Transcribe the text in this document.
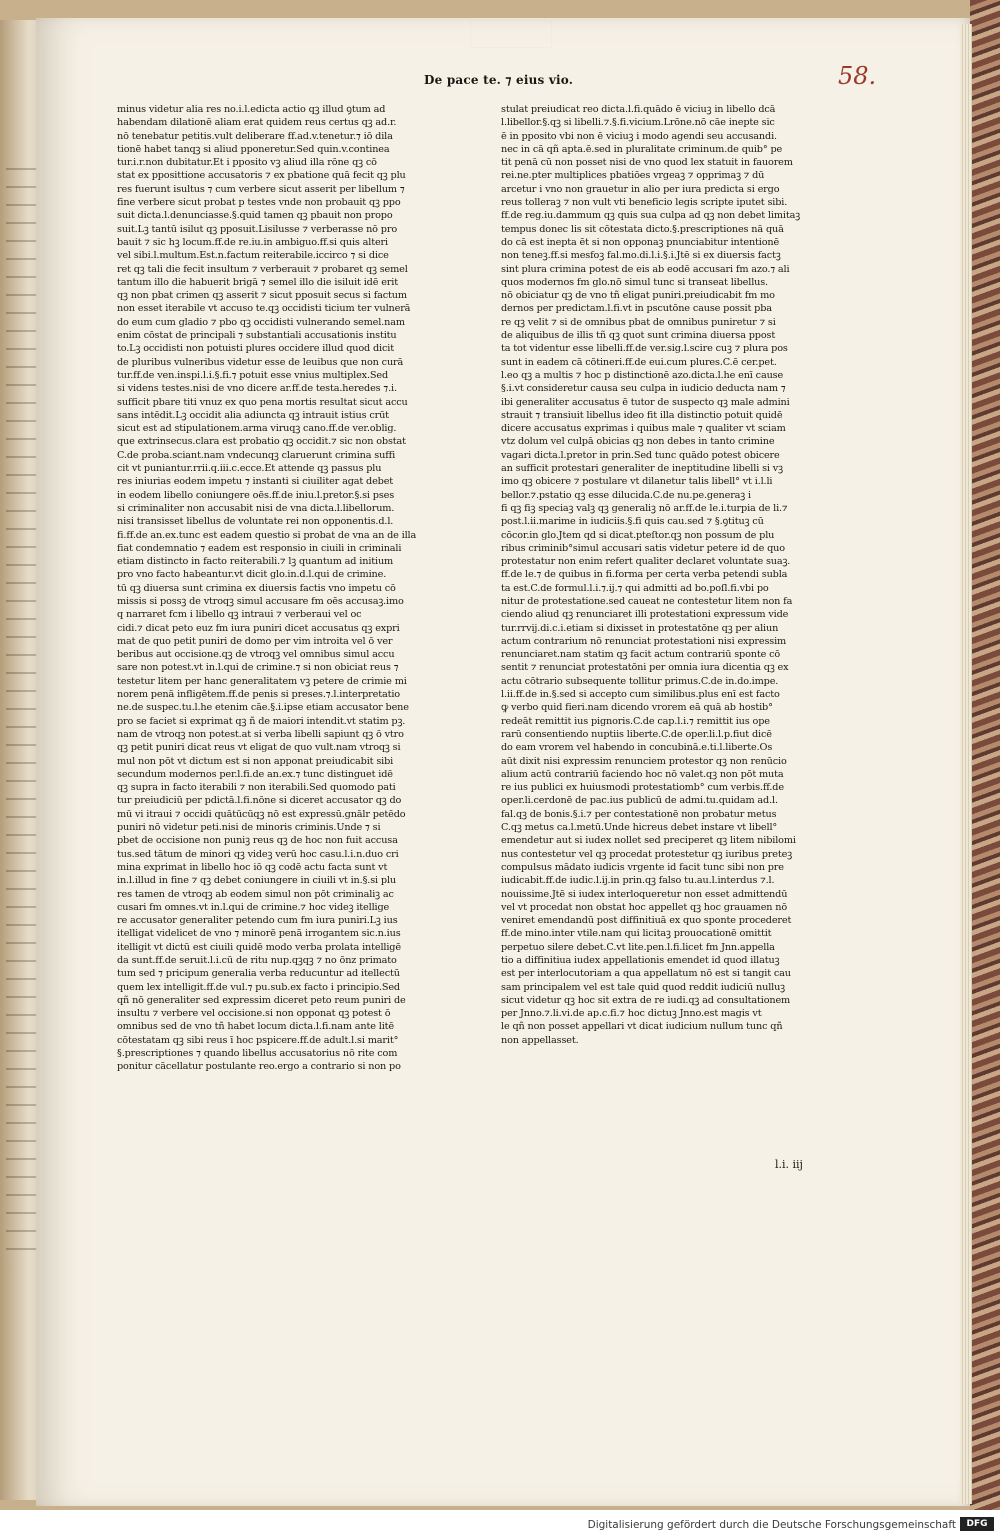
De pace te. ⁊ eius vio.	58.
minus videtur alia res no.i.l.edicta actio qꝫ illud ꝯtum ad
habendam dilationē aliam erat quidem reus certus qꝫ ad.r.
nō tenebatur petitis.vult deliberare ff.ad.v.tenetur.⁊ iō dila
tionē habet tanqꝫ si aliud pponeretur.Sed quin.v.continea
tur.i.r.non dubitatur.Et i pposito vꝫ aliud illa rōne qꝫ cō
stat ex pposittione accusatoris ⁊ ex pbatione quā fecit qꝫ plu
res fuerunt isultus ⁊ cum verbere sicut asserit per libellum ⁊
fine verbere sicut probat p testes vnde non probauit qꝫ ppo
suit dicta.l.denunciasse.§.quid tamen qꝫ pbauit non propo
suit.Lꝫ tantū isilut qꝫ pposuit.Lisilusse ⁊ verberasse nō pro
bauit ⁊ sic hꝫ locum.ff.de re.iu.in ambiguo.ff.si quis alteri
vel sibi.l.multum.Est.n.factum reiterabile.iccirco ⁊ si dice
ret qꝫ tali die fecit insultum ⁊ verberauit ⁊ probaret qꝫ semel
tantum illo die habuerit brigā ⁊ semel illo die isiluit idē erit
qꝫ non pbat crimen qꝫ asserit ⁊ sicut pposuit secus si factum
non esset iterabile vt accuso te.qꝫ occidisti ticium ter vulnerā
do eum cum gladio ⁊ pbo qꝫ occidisti vulnerando semel.nam
enim cōstat de principali ⁊ substantiali accusationis institu
to.Lꝫ occidisti non potuisti plures occidere illud quod dicit
de pluribus vulneribus videtur esse de leuibus que non curā
tur.ff.de ven.inspi.l.i.§.fi.⁊ potuit esse vnius multiplex.Sed
si videns testes.nisi de vno dicere ar.ff.de testa.heredes ⁊.i.
sufficit pbare titi vnuz ex quo pena mortis resultat sicut accu
sans intēdit.Lꝫ occidit alia adiuncta qꝫ intrauit istius crūt
sicut est ad stipulationem.arma viruqꝫ cano.ff.de ver.oblig.
que extrinsecus.clara est probatio qꝫ occidit.⁊ sic non obstat
C.de proba.sciant.nam vndecunqꝫ claruerunt crimina suffi
cit vt puniantur.rrii.q.iii.c.ecce.Et attende qꝫ passus plu
res iniurias eodem impetu ⁊ instanti si ciuiliter agat debet
in eodem libello coniungere oēs.ff.de iniu.l.pretor.§.si pses
si criminaliter non accusabit nisi de vna dicta.l.libellorum.
nisi transisset libellus de voluntate rei non opponentis.d.l.
fi.ff.de an.ex.tunc est eadem questio si probat de vna an de illa
fiat condemnatio ⁊ eadem est responsio in ciuili in criminali
etiam distincto in facto reiterabili.⁊ lꝫ quantum ad initium
pro vno facto habeantur.vt dicit glo.in.d.l.qui de crimine.
tū qꝫ diuersa sunt crimina ex diuersis factis vno impetu cō
missis si possꝫ de vtroqꝫ simul accusare fm oēs accusaꝫ.imo
q narraret fcm i libello qꝫ intraui ⁊ verberaui vel oc
cidi.⁊ dicat peto euz fm iura puniri dicet accusatus qꝫ expri
mat de quo petit puniri de domo per vim introita vel ō ver
beribus aut occisione.qꝫ de vtroqꝫ vel omnibus simul accu
sare non potest.vt in.l.qui de crimine.⁊ si non obiciat reus ⁊
testetur litem per hanc generalitatem vꝫ petere de crimie mi
norem penā infligētem.ff.de penis si preses.⁊.l.interpretatio
ne.de suspec.tu.l.he etenim cāe.§.i.ipse etiam accusator bene
pro se faciet si exprimat qꝫ ñ de maiori intendit.vt statim pꝫ.
nam de vtroqꝫ non potest.at si verba libelli sapiunt qꝫ ō vtro
qꝫ petit puniri dicat reus vt eligat de quo vult.nam vtroqꝫ si
mul non pōt vt dictum est si non apponat preiudicabit sibi
secundum modernos per.l.fi.de an.ex.⁊ tunc distinguet idē
qꝫ supra in facto iterabili ⁊ non iterabili.Sed quomodo pati
tur preiudiciū per pdictā.l.fi.nōne si diceret accusator qꝫ do
mū vi itraui ⁊ occidi quātūcūqꝫ nō est expressū.gnālr petēdo
puniri nō videtur peti.nisi de minoris criminis.Unde ⁊ si
pbet de occisione non puniꝫ reus qꝫ de hoc non fuit accusa
tus.sed tātum de minori qꝫ videꝫ verū hoc casu.l.i.n.duo cri
mina exprimat in libello hoc iō qꝫ codē actu facta sunt vt
in.l.illud in fine ⁊ qꝫ debet coniungere in ciuili vt in.§.si plu
res tamen de vtroqꝫ ab eodem simul non pōt criminaliꝫ ac
cusari fm omnes.vt in.l.qui de crimine.⁊ hoc videꝫ itellige
re accusator generaliter petendo cum fm iura puniri.Lꝫ ius
itelligat videlicet de vno ⁊ minorē penā irrogantem sic.n.ius
itelligit vt dictū est ciuili quidē modo verba prolata intelligē
da sunt.ff.de seruit.l.i.cū de ritu nup.qꝫqꝫ ⁊ no ōnz primato
tum sed ⁊ pricipum generalia verba reducuntur ad itellectū
quem lex intelligit.ff.de vul.⁊ pu.sub.ex facto i principio.Sed
qñ nō generaliter sed expressim diceret peto reum puniri de
insultu ⁊ verbere vel occisione.si non opponat qꝫ potest ō
omnibus sed de vno tñ habet locum dicta.l.fi.nam ante litē
cōtestatam qꝫ sibi reus ī hoc pspicere.ff.de adult.l.si marit°
§.prescriptiones ⁊ quando libellus accusatorius nō rite com
ponitur cācellatur postulante reo.ergo a contrario si non po
stulat preiudicat reo dicta.l.fi.quādo ē viciuꝫ in libello dcā
l.libellor.§.qꝫ si libelli.⁊.§.fi.vicium.Lrōne.nō cāe inepte sic
ē in pposito vbi non ē viciuꝫ i modo agendi seu accusandi.
nec in cā qñ apta.ē.sed in pluralitate criminum.de quib° pe
tit penā cū non posset nisi de vno quod lex statuit in fauorem
rei.ne.pter multiplices pbatiōes vrgeaꝫ ⁊ opprimaꝫ ⁊ dū
arcetur i vno non grauetur in alio per iura predicta si ergo
reus tolleraꝫ ⁊ non vult vti beneficio legis scripte iputet sibi.
ff.de reg.iu.dammum qꝫ quis sua culpa ad qꝫ non debet limitaꝫ
tempus donec lis sit cōtestata dicto.§.prescriptiones nā quā
do cā est inepta ēt si non opponaꝫ pnunciabitur intentionē
non teneꝫ.ff.si mesfoꝫ fal.mo.di.l.i.§.i.Jtē si ex diuersis factꝫ
sint plura crimina potest de eis ab eodē accusari fm azo.⁊ ali
quos modernos fm glo.nō simul tunc si transeat libellus.
nō obiciatur qꝫ de vno tñ eligat puniri.preiudicabit fm mo
dernos per predictam.l.fi.vt in pscutōne cause possit pba
re qꝫ velit ⁊ si de omnibus pbat de omnibus puniretur ⁊ si
de aliquibus de illis tñ qꝫ quot sunt crimina diuersa ppost
ta tot videntur esse libelli.ff.de ver.sig.l.scire cuꝫ ⁊ plura pos
sunt in eadem cā cōtineri.ff.de eui.cum plures.C.ē cer.pet.
l.eo qꝫ a multis ⁊ hoc p distinctionē azo.dicta.l.he enī cause
§.i.vt consideretur causa seu culpa in iudicio deducta nam ⁊
ibi generaliter accusatus ē tutor de suspecto qꝫ male admini
strauit ⁊ transiuit libellus ideo fit illa distinctio potuit quidē
dicere accusatus exprimas i quibus male ⁊ qualiter vt sciam
vtz dolum vel culpā obicias qꝫ non debes in tanto crimine
vagari dicta.l.pretor in prin.Sed tunc quādo potest obicere
an sufficit protestari generaliter de ineptitudine libelli si vꝫ
imo qꝫ obicere ⁊ postulare vt dilanetur talis libell° vt i.l.li
bellor.⁊.pstatio qꝫ esse dilucida.C.de nu.pe.generaꝫ i
fi qꝫ fiꝫ speciaꝫ valꝫ qꝫ generaliꝫ nō ar.ff.de le.i.turpia de li.⁊
post.l.ii.marime in iudiciis.§.fi quis cau.sed ⁊ §.ꝯtituꝫ cū
cōcor.in glo.Jtem qd si dicat.pteſtor.qꝫ non possum de plu
ribus criminib°simul accusari satis videtur petere id de quo
protestatur non enim refert qualiter declaret voluntate suaꝫ.
ff.de le.⁊ de quibus in fi.forma per certa verba petendi subla
ta est.C.de formul.l.i.⁊.ij.⁊ qui admitti ad bo.poſl.fi.vbi po
nitur de protestatione.sed caueat ne contestetur litem non fa
ciendo aliud qꝫ renunciaret illi protestationi expressum vide
tur.rrvij.di.c.i.etiam si dixisset in protestatōne qꝫ per aliun
actum contrarium nō renunciat protestationi nisi expressim
renunciaret.nam statim qꝫ facit actum contrariū sponte cō
sentit ⁊ renunciat protestatōni per omnia iura dicentia qꝫ ex
actu cōtrario subsequente tollitur primus.C.de in.do.impe.
l.ii.ff.de in.§.sed si accepto cum similibus.plus enī est facto
ꝙ verbo quid fieri.nam dicendo vrorem eā quā ab hostib°
redeāt remittit ius pignoris.C.de cap.l.i.⁊ remittit ius ope
rarū consentiendo nuptiis liberte.C.de oper.li.l.p.fiut dicē
do eam vrorem vel habendo in concubinā.e.ti.l.liberte.Os
aūt dixit nisi expressim renunciem protestor qꝫ non renūcio
alium actū contrariū faciendo hoc nō valet.qꝫ non pōt muta
re ius publici ex huiusmodi protestatiomb° cum verbis.ff.de
oper.li.cerdonē de pac.ius publicū de admi.tu.quidam ad.l.
fal.qꝫ de bonis.§.i.⁊ per contestationē non probatur metus
C.qꝫ metus ca.l.metū.Unde hicreus debet instare vt libell°
emendetur aut si iudex nollet sed preciperet qꝫ litem nibilomi
nus contestetur vel qꝫ procedat protestetur qꝫ iuribus preteꝫ
compulsus mādato iudicis vrgente id facit tunc sibi non pre
iudicabit.ff.de iudic.l.ij.in prin.qꝫ falso tu.au.l.interdus ⁊.l.
nouissime.Jtē si iudex interloqueretur non esset admittendū
vel vt procedat non obstat hoc appellet qꝫ hoc grauamen nō
veniret emendandū post diffinitiuā ex quo sponte procederet
ff.de mino.inter vtile.nam qui licitaꝫ prouocationē omittit
perpetuo silere debet.C.vt lite.pen.l.fi.licet fm Jnn.appella
tio a diffinitiua iudex appellationis emendet id quod illatuꝫ
est per interlocutoriam a qua appellatum nō est si tangit cau
sam principalem vel est tale quid quod reddit iudiciū nulluꝫ
sicut videtur qꝫ hoc sit extra de re iudi.qꝫ ad consultationem
per Jnno.⁊.li.vi.de ap.c.fi.⁊ hoc dictuꝫ Jnno.est magis vt
le qñ non posset appellari vt dicat iudicium nullum tunc qñ
non appellasset.
l.i. iij
Digitalisierung gefördert durch die Deutsche Forschungsgemeinschaft	DFG
